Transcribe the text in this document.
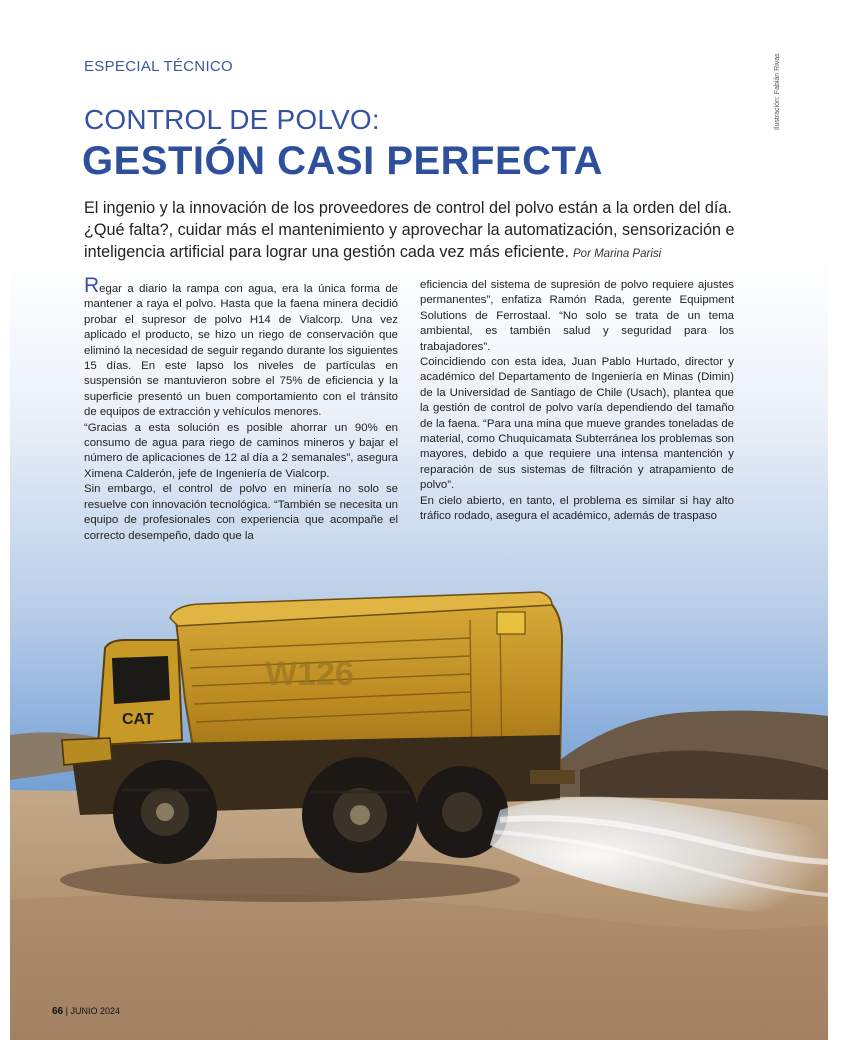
W126
CAT
ESPECIAL TÉCNICO	Ilustración: Fabián Rivas
CONTROL DE POLVO:
GESTIÓN CASI PERFECTA
El ingenio y la innovación de los proveedores de control del polvo están a la orden del día. ¿Qué falta?, cuidar más el mantenimiento y aprovechar la automatización, sensorización e inteligencia artificial para lograr una gestión cada vez más eficiente. Por Marina Parisi

Regar a diario la rampa con agua, era la única forma de mantener a raya el polvo. Hasta que la faena minera decidió probar el supresor de polvo H14 de Vialcorp. Una vez aplicado el producto, se hizo un riego de conservación que eliminó la necesidad de seguir regando durante los siguientes 15 días. En este lapso los niveles de partículas en suspensión se mantuvieron sobre el 75% de eficiencia y la superficie presentó un buen comportamiento con el tránsito de equipos de extracción y vehículos menores.

“Gracias a esta solución es posible ahorrar un 90% en consumo de agua para riego de caminos mineros y bajar el número de aplicaciones de 12 al día a 2 semanales”, asegura Ximena Calderón, jefe de Ingeniería de Vialcorp.

Sin embargo, el control de polvo en minería no solo se resuelve con innovación tecnológica. “También se necesita un equipo de profesionales con experiencia que acompañe el correcto desempeño, dado que la

eficiencia del sistema de supresión de polvo requiere ajustes permanentes”, enfatiza Ramón Rada, gerente Equipment Solutions de Ferrostaal. “No solo se trata de un tema ambiental, es también salud y seguridad para los trabajadores”.

Coincidiendo con esta idea, Juan Pablo Hurtado, director y académico del Departamento de Ingeniería en Minas (Dimin) de la Universidad de Santiago de Chile (Usach), plantea que la gestión de control de polvo varía dependiendo del tamaño de la faena. “Para una mina que mueve grandes toneladas de material, como Chuquicamata Subterránea los problemas son mayores, debido a que requiere una intensa mantención y reparación de sus sistemas de filtración y atrapamiento de polvo”.

En cielo abierto, en tanto, el problema es similar si hay alto tráfico rodado, asegura el académico, además de traspaso

66 | JUNIO 2024
